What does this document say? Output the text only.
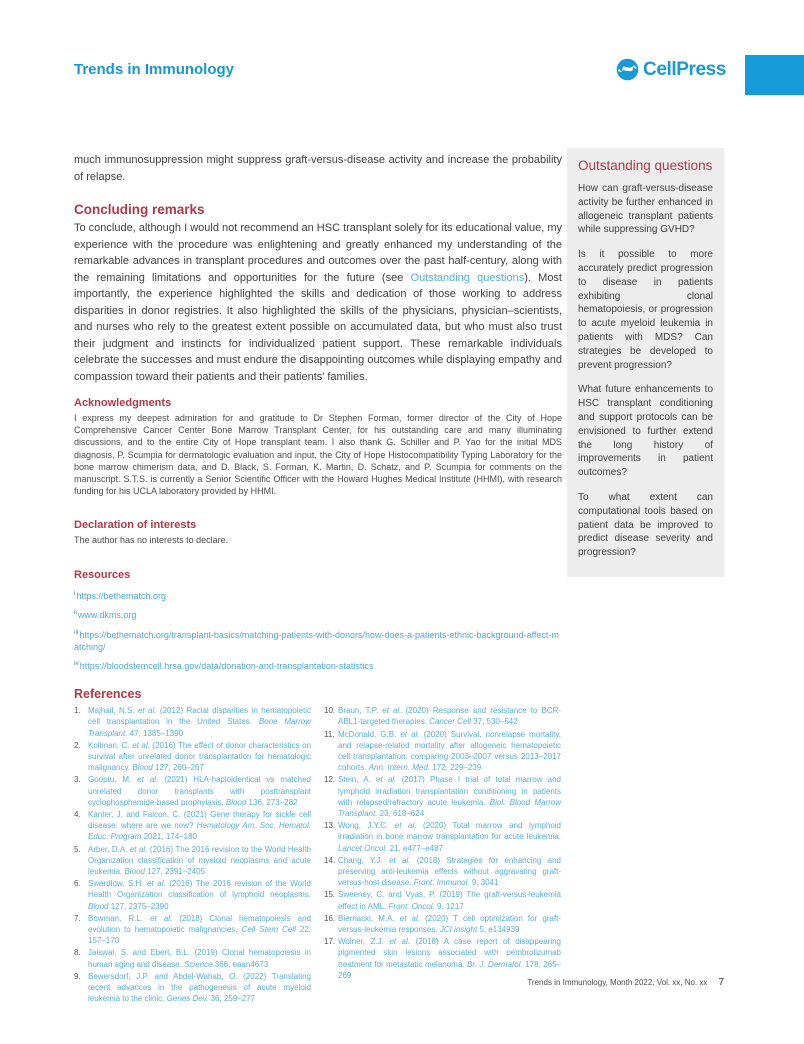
Trends in Immunology	CellPress
Outstanding questions

How can graft-versus-disease activity be further enhanced in allogeneic transplant patients while suppressing GVHD?

Is it possible to more accurately predict progression to disease in patients exhibiting clonal hematopoiesis, or progression to acute myeloid leukemia in patients with MDS? Can strategies be developed to prevent progression?

What future enhancements to HSC transplant conditioning and support protocols can be envisioned to further extend the long history of improvements in patient outcomes?

To what extent can computational tools based on patient data be improved to predict disease severity and progression?

much immunosuppression might suppress graft-versus-disease activity and increase the probability of relapse.

Concluding remarks

To conclude, although I would not recommend an HSC transplant solely for its educational value, my experience with the procedure was enlightening and greatly enhanced my understanding of the remarkable advances in transplant procedures and outcomes over the past half-century, along with the remaining limitations and opportunities for the future (see Outstanding questions). Most importantly, the experience highlighted the skills and dedication of those working to address disparities in donor registries. It also highlighted the skills of the physicians, physician–scientists, and nurses who rely to the greatest extent possible on accumulated data, but who must also trust their judgment and instincts for individualized patient support. These remarkable individuals celebrate the successes and must endure the disappointing outcomes while displaying empathy and compassion toward their patients and their patients’ families.

Acknowledgments

I express my deepest admiration for and gratitude to Dr Stephen Forman, former director of the City of Hope Comprehensive Cancer Center Bone Marrow Transplant Center, for his outstanding care and many illuminating discussions, and to the entire City of Hope transplant team. I also thank G. Schiller and P. Yao for the initial MDS diagnosis, P. Scumpia for dermatologic evaluation and input, the City of Hope Histocompatibility Typing Laboratory for the bone marrow chimerism data, and D. Black, S. Forman, K. Martin, D. Schatz, and P. Scumpia for comments on the manuscript. S.T.S. is currently a Senior Scientific Officer with the Howard Hughes Medical Institute (HHMI), with research funding for his UCLA laboratory provided by HHMI.

Declaration of interests

The author has no interests to declare.

Resources
$^i$https://bethematch.org
$^{ii}$www.dkms.org
$^{iii}$https://bethematch.org/transplant-basics/matching-patients-with-donors/how-does-a-patients-ethnic-background-affect-matching/
$^{iv}$https://bloodstemcell.hrsa.gov/data/donation-and-transplantation-statistics
References
1. Majhail, N.S. et al. (2012) Racial disparities in hematopoietic cell transplantation in the United States. Bone Marrow Transplant. 47, 1385–1390
2. Kollman, C. et al. (2016) The effect of donor characteristics on survival after unrelated donor transplantation for hematologic malignancy. Blood 127, 260–267
3. Gooptu, M. et al. (2021) HLA-haploidentical vs matched unrelated donor transplants with posttransplant cyclophosphamide-based prophylaxis. Blood 136, 273–282
4. Kanter, J. and Falcon, C. (2021) Gene therapy for sickle cell disease: where are we now? Hematology Am. Soc. Hematol. Educ. Program 2021, 174–180
5. Arber, D.A. et al. (2016) The 2016 revision to the World Health Organization classification of myeloid neoplasms and acute leukemia. Blood 127, 2391–2405
6. Swerdlow, S.H. et al. (2016) The 2016 revision of the World Health Organization classification of lymphoid neoplasms. Blood 127, 2375–2390
7. Bowman, R.L. et al. (2018) Clonal hematopoiesis and evolution to hematopoietic malignancies. Cell Stem Cell 22, 157–170
8. Jaiswal, S. and Ebert, B.L. (2019) Clonal hematopoiesis in human aging and disease. Science 366, eaan4673
9. Bewersdorf, J.P. and Abdel-Wahab, O. (2022) Translating recent advances in the pathogenesis of acute myeloid leukemia to the clinic. Genes Dev. 36, 259–277
10. Braun, T.P. et al. (2020) Response and resistance to BCR-ABL1-targeted therapies. Cancer Cell 37, 530–542
11. McDonald, G.B. et al. (2020) Survival, nonrelapse mortality, and relapse-related mortality after allogeneic hematopoietic cell transplantation: comparing 2003–2007 versus 2013–2017 cohorts. Ann. Intern. Med. 172, 229–239
12. Stein, A. et al. (2017) Phase I trial of total marrow and lymphoid irradiation transplantation conditioning in patients with relapsed/refractory acute leukemia. Biol. Blood Marrow Transplant. 23, 618–624
13. Wong, J.Y.C. et al. (2020) Total marrow and lymphoid irradiation in bone marrow transplantation for acute leukemia. Lancet Oncol. 21, e477–e487
14. Chang, Y.J. et al. (2018) Strategies for enhancing and preserving anti-leukemia effects without aggravating graft-versus-host disease. Front. Immunol. 9, 3041
15. Sweeney, C. and Vyas, P. (2019) The graft-versus-leukemia effect in AML. Front. Oncol. 9, 1217
16. Biernacki, M.A. et al. (2020) T cell optimization for graft-versus-leukemia responses. JCI insight 5, e134939
17. Wolner, Z.J. et al. (2018) A case report of disappearing pigmented skin lesions associated with pembrolizumab treatment for metastatic melanoma. Br. J. Dermatol. 178, 265–269
Trends in Immunology, Month 2022, Vol. xx, No. xx 7
